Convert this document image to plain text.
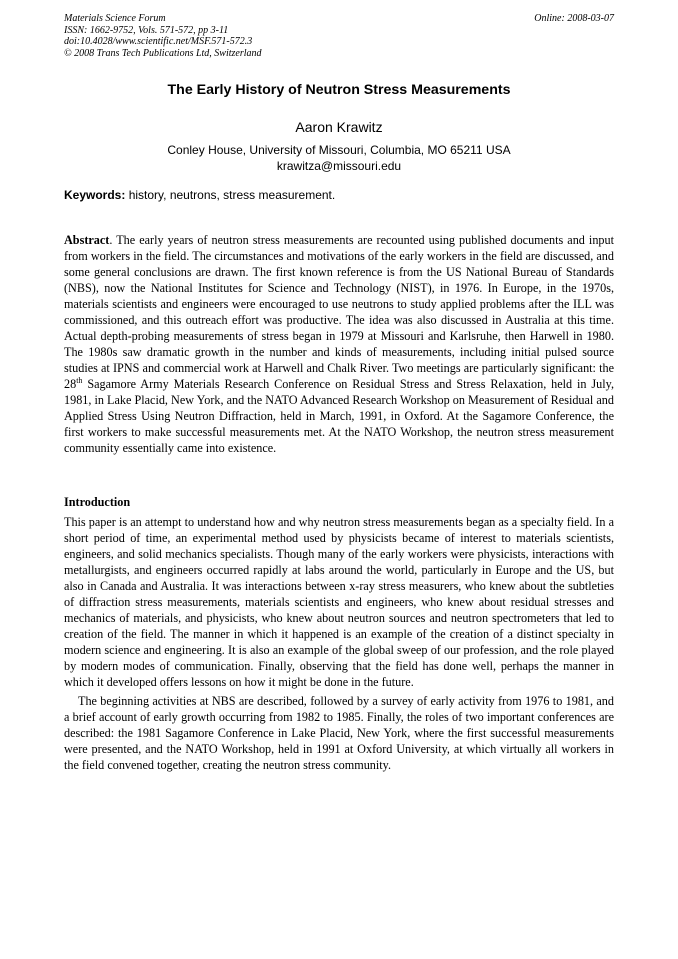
Materials Science Forum
ISSN: 1662-9752, Vols. 571-572, pp 3-11
doi:10.4028/www.scientific.net/MSF.571-572.3
© 2008 Trans Tech Publications Ltd, Switzerland
Online: 2008-03-07
The Early History of Neutron Stress Measurements
Aaron Krawitz
Conley House, University of Missouri, Columbia, MO 65211 USA
krawitza@missouri.edu
Keywords: history, neutrons, stress measurement.
Abstract. The early years of neutron stress measurements are recounted using published documents and input from workers in the field. The circumstances and motivations of the early workers in the field are discussed, and some general conclusions are drawn. The first known reference is from the US National Bureau of Standards (NBS), now the National Institutes for Science and Technology (NIST), in 1976. In Europe, in the 1970s, materials scientists and engineers were encouraged to use neutrons to study applied problems after the ILL was commissioned, and this outreach effort was productive. The idea was also discussed in Australia at this time. Actual depth-probing measurements of stress began in 1979 at Missouri and Karlsruhe, then Harwell in 1980. The 1980s saw dramatic growth in the number and kinds of measurements, including initial pulsed source studies at IPNS and commercial work at Harwell and Chalk River. Two meetings are particularly significant: the 28th Sagamore Army Materials Research Conference on Residual Stress and Stress Relaxation, held in July, 1981, in Lake Placid, New York, and the NATO Advanced Research Workshop on Measurement of Residual and Applied Stress Using Neutron Diffraction, held in March, 1991, in Oxford. At the Sagamore Conference, the first workers to make successful measurements met. At the NATO Workshop, the neutron stress measurement community essentially came into existence.
Introduction

This paper is an attempt to understand how and why neutron stress measurements began as a specialty field. In a short period of time, an experimental method used by physicists became of interest to materials scientists, engineers, and solid mechanics specialists. Though many of the early workers were physicists, interactions with metallurgists, and engineers occurred rapidly at labs around the world, particularly in Europe and the US, but also in Canada and Australia. It was interactions between x-ray stress measurers, who knew about the subtleties of diffraction stress measurements, materials scientists and engineers, who knew about residual stresses and mechanics of materials, and physicists, who knew about neutron sources and neutron spectrometers that led to creation of the field. The manner in which it happened is an example of the creation of a distinct specialty in modern science and engineering. It is also an example of the global sweep of our profession, and the role played by modern modes of communication. Finally, observing that the field has done well, perhaps the manner in which it developed offers lessons on how it might be done in the future.

The beginning activities at NBS are described, followed by a survey of early activity from 1976 to 1981, and a brief account of early growth occurring from 1982 to 1985. Finally, the roles of two important conferences are described: the 1981 Sagamore Conference in Lake Placid, New York, where the first successful measurements were presented, and the NATO Workshop, held in 1991 at Oxford University, at which virtually all workers in the field convened together, creating the neutron stress community.
